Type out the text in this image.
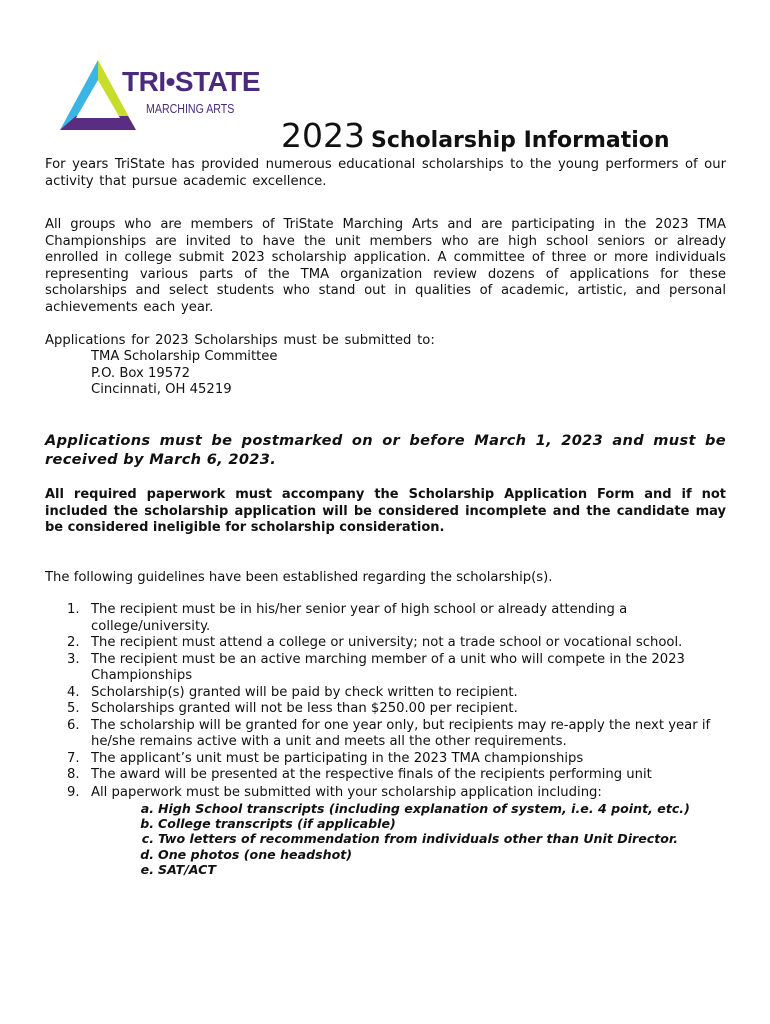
TRI•STATE
MARCHING ARTS
2023 Scholarship Information

For years TriState has provided numerous educational scholarships to the young performers of our activity that pursue academic excellence.

All groups who are members of TriState Marching Arts and are participating in the 2023 TMA Championships are invited to have the unit members who are high school seniors or already enrolled in college submit 2023 scholarship application. A committee of three or more individuals representing various parts of the TMA organization review dozens of applications for these scholarships and select students who stand out in qualities of academic, artistic, and personal achievements each year.

Applications for 2023 Scholarships must be submitted to:

TMA Scholarship Committee
P.O. Box 19572
Cincinnati, OH 45219

Applications must be postmarked on or before March 1, 2023 and must be received by March 6, 2023.

All required paperwork must accompany the Scholarship Application Form and if not included the scholarship application will be considered incomplete and the candidate may be considered ineligible for scholarship consideration.

The following guidelines have been established regarding the scholarship(s).
1. The recipient must be in his/her senior year of high school or already attending a college/university.
2. The recipient must attend a college or university; not a trade school or vocational school.
3. The recipient must be an active marching member of a unit who will compete in the 2023 Championships
4. Scholarship(s) granted will be paid by check written to recipient.
5. Scholarships granted will not be less than $250.00 per recipient.
6. The scholarship will be granted for one year only, but recipients may re-apply the next year if he/she remains active with a unit and meets all the other requirements.
7. The applicant’s unit must be participating in the 2023 TMA championships
8. The award will be presented at the respective finals of the recipients performing unit
9. All paperwork must be submitted with your scholarship application including:
a. High School transcripts (including explanation of system, i.e. 4 point, etc.)
b. College transcripts (if applicable)
c. Two letters of recommendation from individuals other than Unit Director.
d. One photos (one headshot)
e. SAT/ACT
